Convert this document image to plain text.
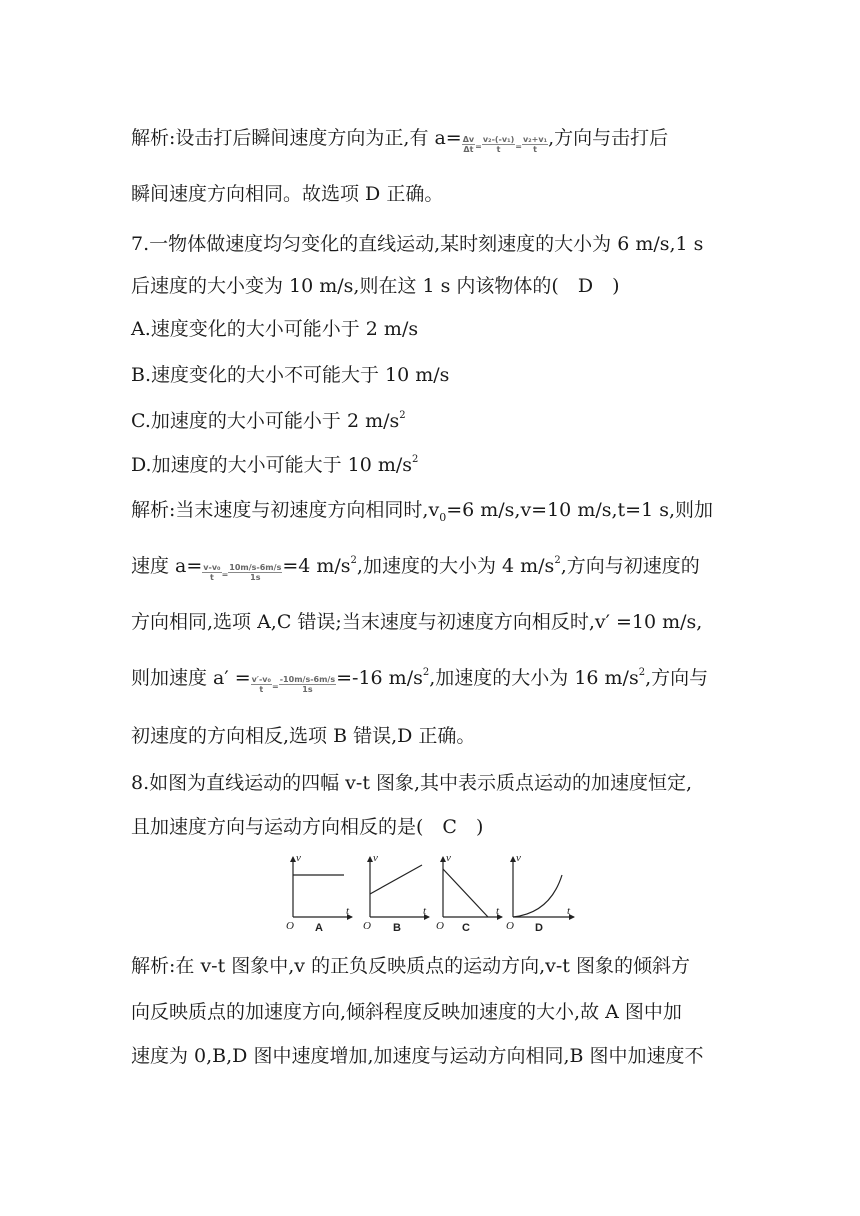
解析:设击打后瞬间速度方向为正,有 $a= \frac{\Delta v}{\Delta t} = \frac{\text{v₂-(-v₁)}}{t} = \frac{\text{v₂+v₁}}{t}$ ,方向与击打后
瞬间速度方向相同。故选项 D 正确。
7.一物体做速度均匀变化的直线运动,某时刻速度的大小为 6 m/s,1 s
后速度的大小变为 10 m/s,则在这 1 s 内该物体的(　D　)
A.速度变化的大小可能小于 2 m/s
B.速度变化的大小不可能大于 10 m/s
C.加速度的大小可能小于 2 $m/s^2$
D.加速度的大小可能大于 10 $m/s^2$
解析:当末速度与初速度方向相同时$,v_0=6$ m/s,v=10 m/s,t=1 s,则加
速度 $a= \frac{\text{v-v₀}}{t} = \frac{10m/s-6m/s}{1s} =4$ $m/s^2$,加速度的大小为 4 $m/s^2$,方向与初速度的
方向相同,选项 A,C 错误;当末速度与初速度方向相反时,v′ =10 m/s,
则加速度 $a' = \frac{\text{v′-v₀}}{t} = \frac{-10m/s-6m/s}{1s} =-16$ $m/s^2$,加速度的大小为 16 $m/s^2$,方向与
初速度的方向相反,选项 B 错误,D 正确。
8.如图为直线运动的四幅 v-t 图象,其中表示质点运动的加速度恒定,
且加速度方向与运动方向相反的是(　C　)
v
t
O A
v
t
O B
v
t
O C
v
t
O D
解析:在 v-t 图象中,v 的正负反映质点的运动方向,v-t 图象的倾斜方
向反映质点的加速度方向,倾斜程度反映加速度的大小,故 A 图中加
速度为 0,B,D 图中速度增加,加速度与运动方向相同,B 图中加速度不
